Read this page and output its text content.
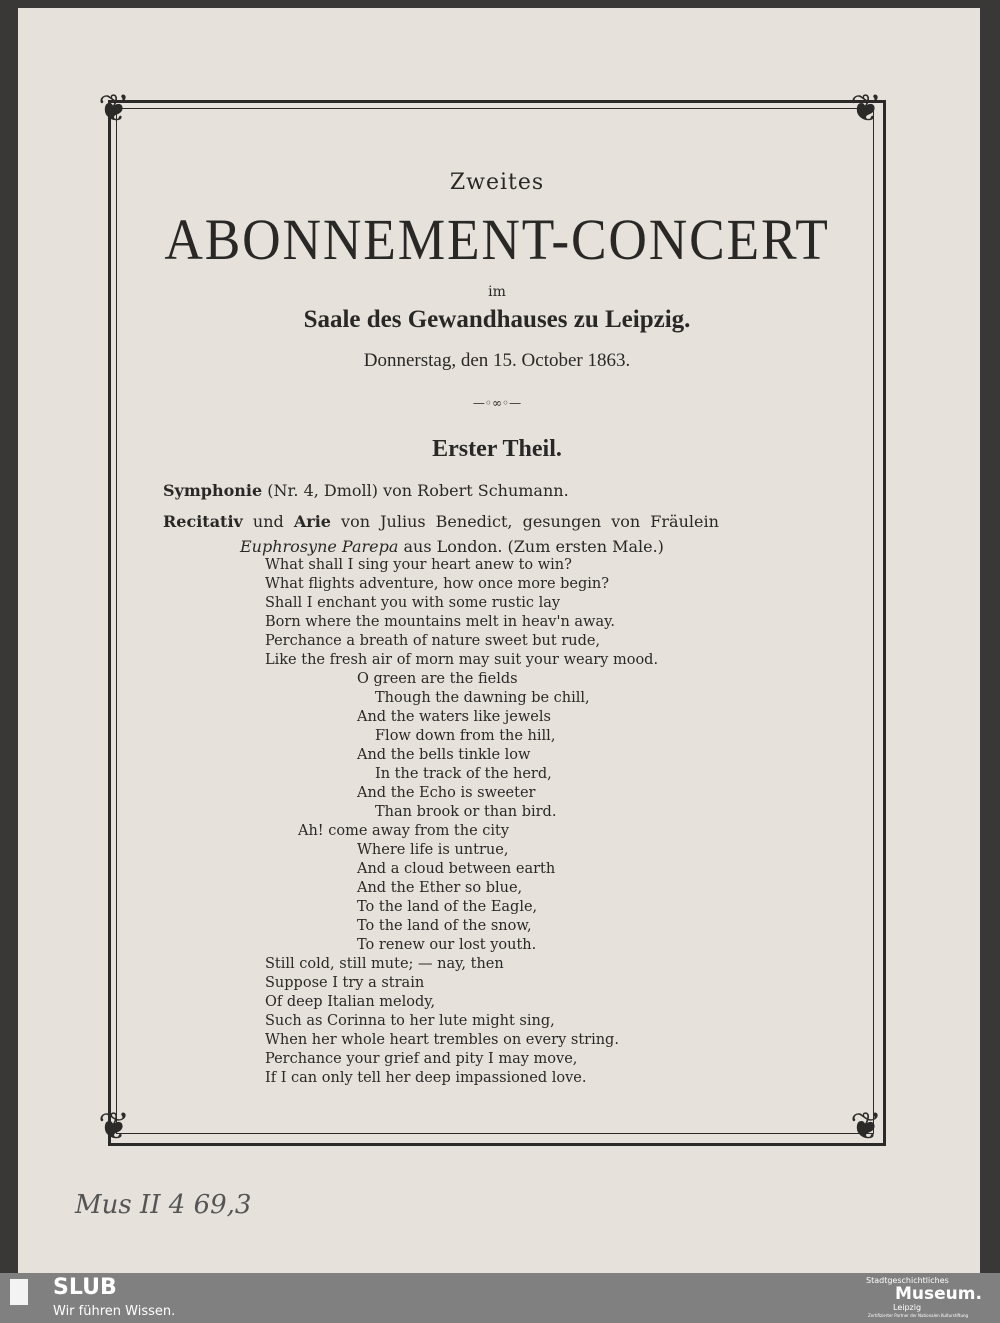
❦	❦
❦	❦
Zweites
ABONNEMENT-CONCERT
im
Saale des Gewandhauses zu Leipzig.
Donnerstag, den 15. October 1863.
—◦∞◦—
Erster Theil.
Symphonie (Nr. 4, Dmoll) von Robert Schumann.
Recitativ und Arie von Julius Benedict, gesungen von Fräulein
Euphrosyne Parepa aus London. (Zum ersten Male.)
What shall I sing your heart anew to win?
What flights adventure, how once more begin?
Shall I enchant you with some rustic lay
Born where the mountains melt in heav'n away.
Perchance a breath of nature sweet but rude,
Like the fresh air of morn may suit your weary mood.
O green are the fields
Though the dawning be chill,
And the waters like jewels
Flow down from the hill,
And the bells tinkle low
In the track of the herd,
And the Echo is sweeter
Than brook or than bird.
Ah! come away from the city
Where life is untrue,
And a cloud between earth
And the Ether so blue,
To the land of the Eagle,
To the land of the snow,
To renew our lost youth.
Still cold, still mute; — nay, then
Suppose I try a strain
Of deep Italian melody,
Such as Corinna to her lute might sing,
When her whole heart trembles on every string.
Perchance your grief and pity I may move,
If I can only tell her deep impassioned love.
Mus II 4 69,3
SLUB
Wir führen Wissen.
Stadtgeschichtliches
Museum.
Leipzig
Zertifizierter Partner der Nationalen Kulturstiftung
